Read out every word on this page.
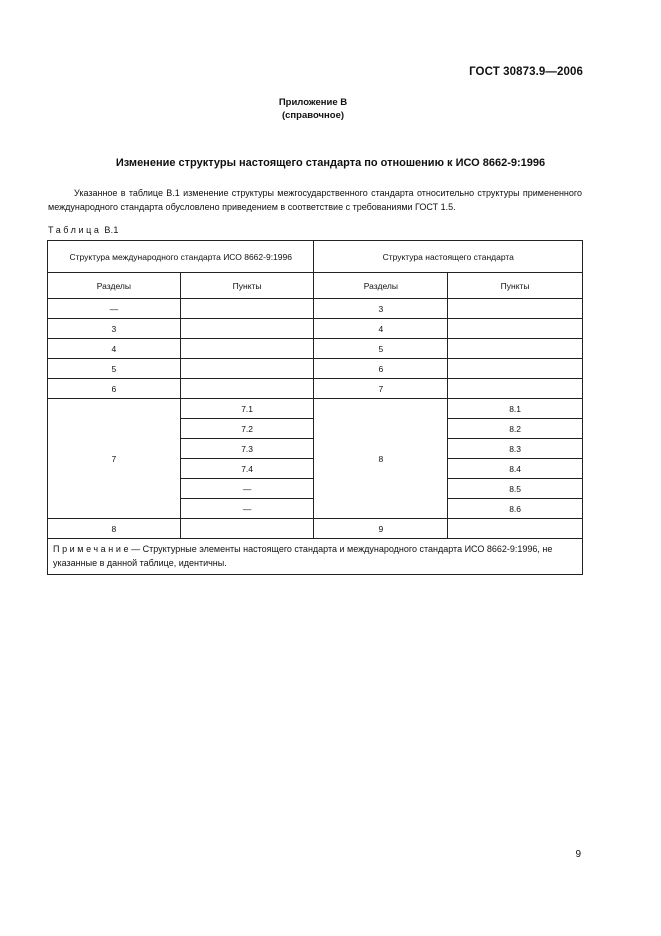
ГОСТ 30873.9—2006
Приложение В
(справочное)
Изменение структуры настоящего стандарта по отношению к ИСО 8662-9:1996
Указанное в таблице В.1 изменение структуры межгосударственного стандарта относительно структуры примененного международного стандарта обусловлено приведением в соответствие с требованиями ГОСТ 1.5.
Таблица В.1
Структура международного стандарта ИСО 8662-9:1996		Структура настоящего стандарта	
Разделы	Пункты	Разделы	Пункты
—		3	
3		4	
4		5	
5		6	
6		7	
7	7.1	8	8.1
	7.2		8.2
	7.3		8.3
	7.4		8.4
	—		8.5
	—		8.6
8		9	
Примечание— Структурные элементы настоящего стандарта и международного стандарта ИСО 8662-9:1996, не указанные в данной таблице, идентичны.			
9
